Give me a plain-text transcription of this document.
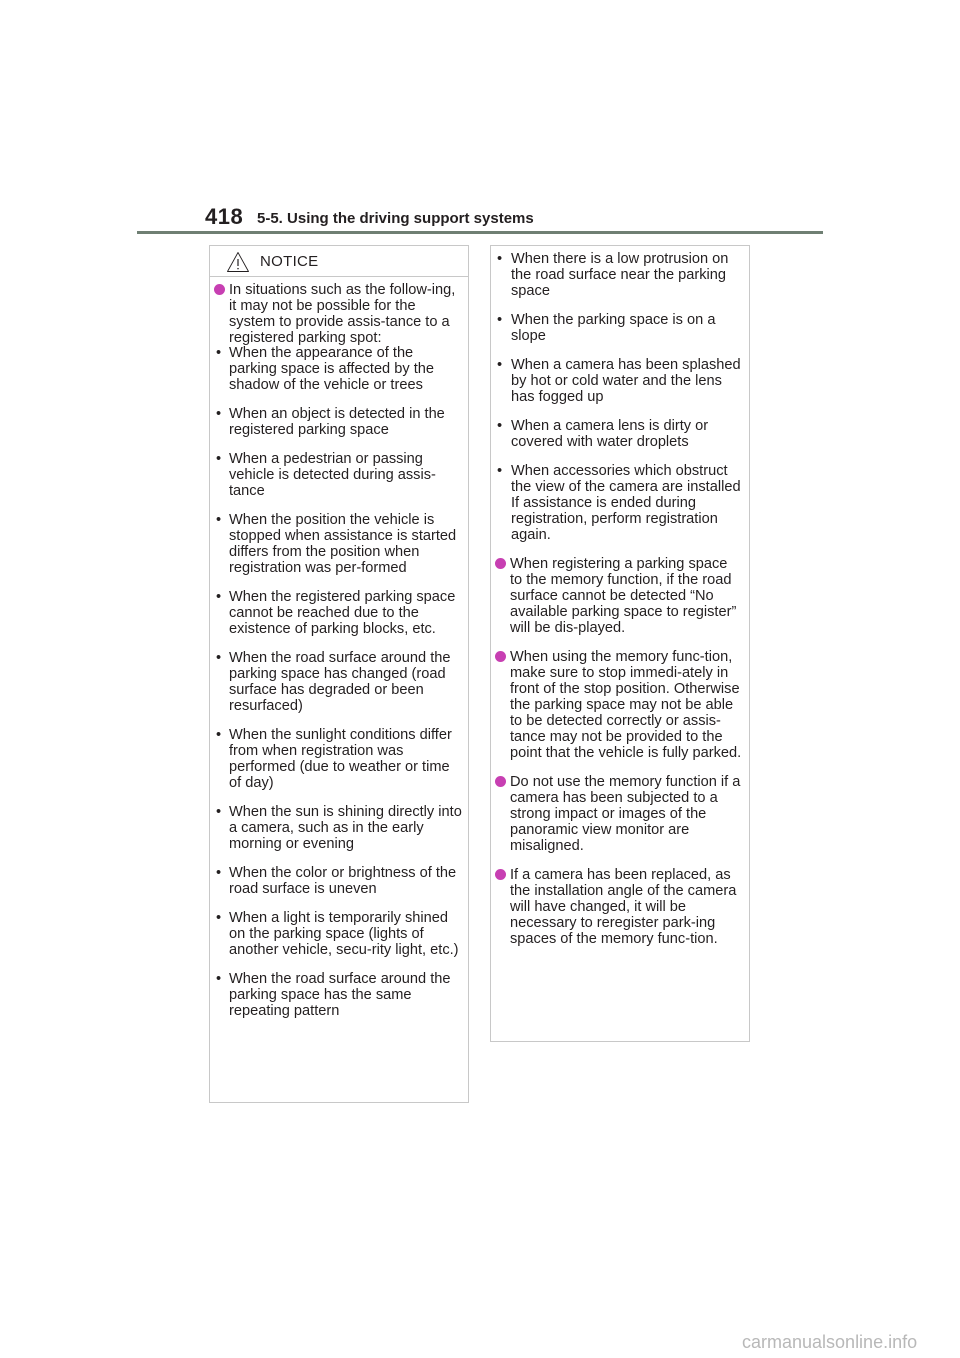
418 5-5. Using the driving support systems
NOTICE
In situations such as the follow-ing, it may not be possible for the system to provide assis-tance to a registered parking spot:
• When the appearance of the parking space is affected by the shadow of the vehicle or trees
• When an object is detected in the registered parking space
• When a pedestrian or passing vehicle is detected during assis-tance
• When the position the vehicle is stopped when assistance is started differs from the position when registration was per-formed
• When the registered parking space cannot be reached due to the existence of parking blocks, etc.
• When the road surface around the parking space has changed (road surface has degraded or been resurfaced)
• When the sunlight conditions differ from when registration was performed (due to weather or time of day)
• When the sun is shining directly into a camera, such as in the early morning or evening
• When the color or brightness of the road surface is uneven
• When a light is temporarily shined on the parking space (lights of another vehicle, secu-rity light, etc.)
• When the road surface around the parking space has the same repeating pattern
• When there is a low protrusion on the road surface near the parking space
• When the parking space is on a slope
• When a camera has been splashed by hot or cold water and the lens has fogged up
• When a camera lens is dirty or covered with water droplets
• When accessories which obstruct the view of the camera are installed
If assistance is ended during registration, perform registration again.
When registering a parking space to the memory function, if the road surface cannot be detected “No available parking space to register” will be dis-played.
When using the memory func-tion, make sure to stop immedi-ately in front of the stop position. Otherwise the parking space may not be able to be detected correctly or assis-tance may not be provided to the point that the vehicle is fully parked.
Do not use the memory function if a camera has been subjected to a strong impact or images of the panoramic view monitor are misaligned.
If a camera has been replaced, as the installation angle of the camera will have changed, it will be necessary to reregister park-ing spaces of the memory func-tion.
carmanualsonline.info
